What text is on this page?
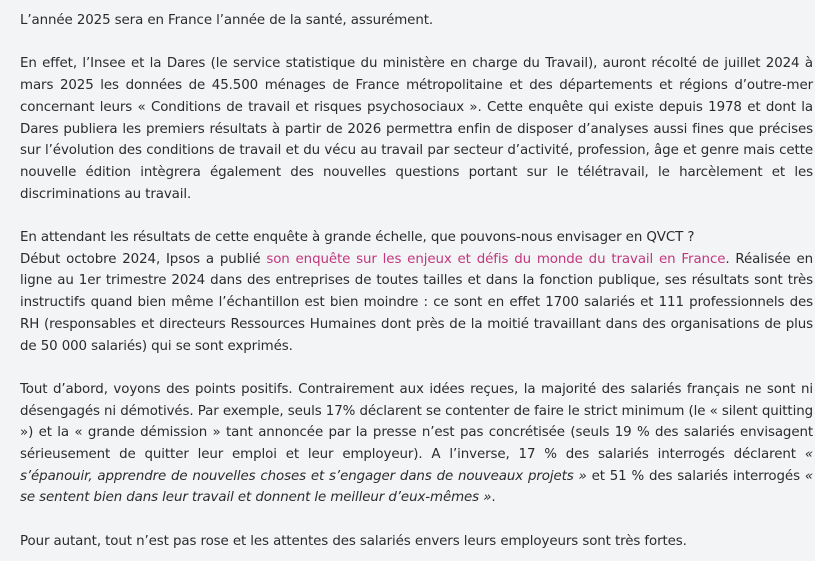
L’année 2025 sera en France l’année de la santé, assurément.

En effet, l’Insee et la Dares (le service statistique du ministère en charge du Travail), auront récolté de juillet 2024 à mars 2025 les données de 45.500 ménages de France métropolitaine et des départements et régions d’outre-mer concernant leurs « Conditions de travail et risques psychosociaux ». Cette enquête qui existe depuis 1978 et dont la Dares publiera les premiers résultats à partir de 2026 permettra enfin de disposer d’analyses aussi fines que précises sur l’évolution des conditions de travail et du vécu au travail par secteur d’activité, profession, âge et genre mais cette nouvelle édition intègrera également des nouvelles questions portant sur le télétravail, le harcèlement et les discriminations au travail.

En attendant les résultats de cette enquête à grande échelle, que pouvons-nous envisager en QVCT ?

Début octobre 2024, Ipsos a publié son enquête sur les enjeux et défis du monde du travail en France. Réalisée en ligne au 1er trimestre 2024 dans des entreprises de toutes tailles et dans la fonction publique, ses résultats sont très instructifs quand bien même l’échantillon est bien moindre : ce sont en effet 1700 salariés et 111 professionnels des RH (responsables et directeurs Ressources Humaines dont près de la moitié travaillant dans des organisations de plus de 50 000 salariés) qui se sont exprimés.

Tout d’abord, voyons des points positifs. Contrairement aux idées reçues, la majorité des salariés français ne sont ni désengagés ni démotivés. Par exemple, seuls 17% déclarent se contenter de faire le strict minimum (le « silent quitting ») et la « grande démission » tant annoncée par la presse n’est pas concrétisée (seuls 19 % des salariés envisagent sérieusement de quitter leur emploi et leur employeur). A l’inverse, 17 % des salariés interrogés déclarent « s’épanouir, apprendre de nouvelles choses et s’engager dans de nouveaux projets » et 51 % des salariés interrogés « se sentent bien dans leur travail et donnent le meilleur d’eux-mêmes ».

Pour autant, tout n’est pas rose et les attentes des salariés envers leurs employeurs sont très fortes.
